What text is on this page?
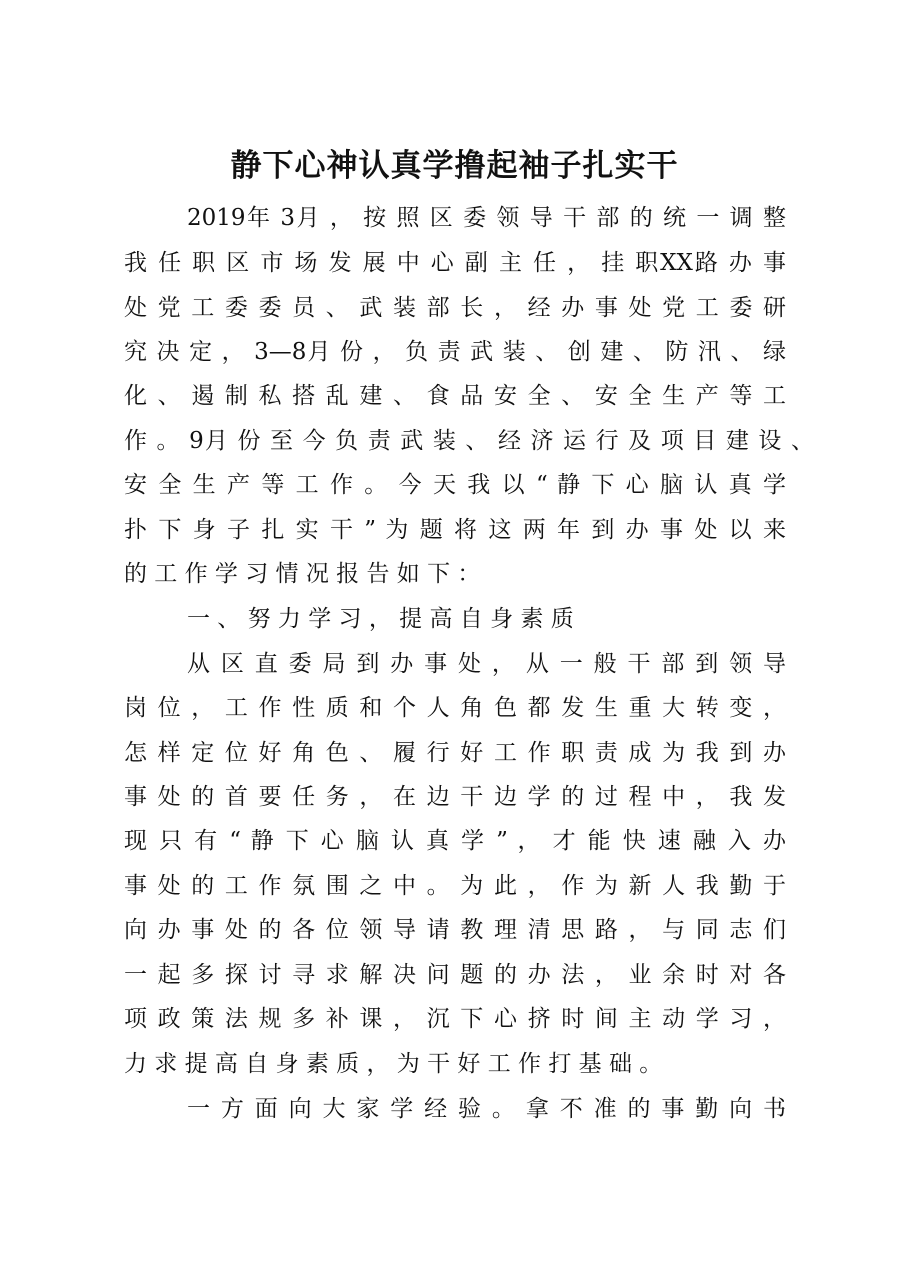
静下心神认真学撸起袖子扎实干
2019年 3月 ， 按 照 区 委 领 导 干 部 的 统 一 调 整
我 任 职 区 市 场 发 展 中 心 副 主 任 ， 挂 职XX路 办 事
处 党 工 委 委 员 、 武 装 部 长 ， 经 办 事 处 党 工 委 研
究 决 定 ， 3—8月 份 ， 负 责 武 装 、 创 建 、 防 汛 、 绿
化 、 遏 制 私 搭 乱 建 、 食 品 安 全 、 安 全 生 产 等 工
作 。 9月 份 至 今 负 责 武 装 、 经 济 运 行 及 项 目 建 设 、
安 全 生 产 等 工 作 。 今 天 我 以 “ 静 下 心 脑 认 真 学
扑 下 身 子 扎 实 干 ” 为 题 将 这 两 年 到 办 事 处 以 来
的 工 作 学 习 情 况 报 告 如 下 ：
一 、 努 力 学 习 ， 提 高 自 身 素 质
从 区 直 委 局 到 办 事 处 ， 从 一 般 干 部 到 领 导
岗 位 ， 工 作 性 质 和 个 人 角 色 都 发 生 重 大 转 变 ，
怎 样 定 位 好 角 色 、 履 行 好 工 作 职 责 成 为 我 到 办
事 处 的 首 要 任 务 ， 在 边 干 边 学 的 过 程 中 ， 我 发
现 只 有 “ 静 下 心 脑 认 真 学 ” ， 才 能 快 速 融 入 办
事 处 的 工 作 氛 围 之 中 。 为 此 ， 作 为 新 人 我 勤 于
向 办 事 处 的 各 位 领 导 请 教 理 清 思 路 ， 与 同 志 们
一 起 多 探 讨 寻 求 解 决 问 题 的 办 法 ， 业 余 时 对 各
项 政 策 法 规 多 补 课 ， 沉 下 心 挤 时 间 主 动 学 习 ，
力 求 提 高 自 身 素 质 ， 为 干 好 工 作 打 基 础 。
一 方 面 向 大 家 学 经 验 。 拿 不 准 的 事 勤 向 书
